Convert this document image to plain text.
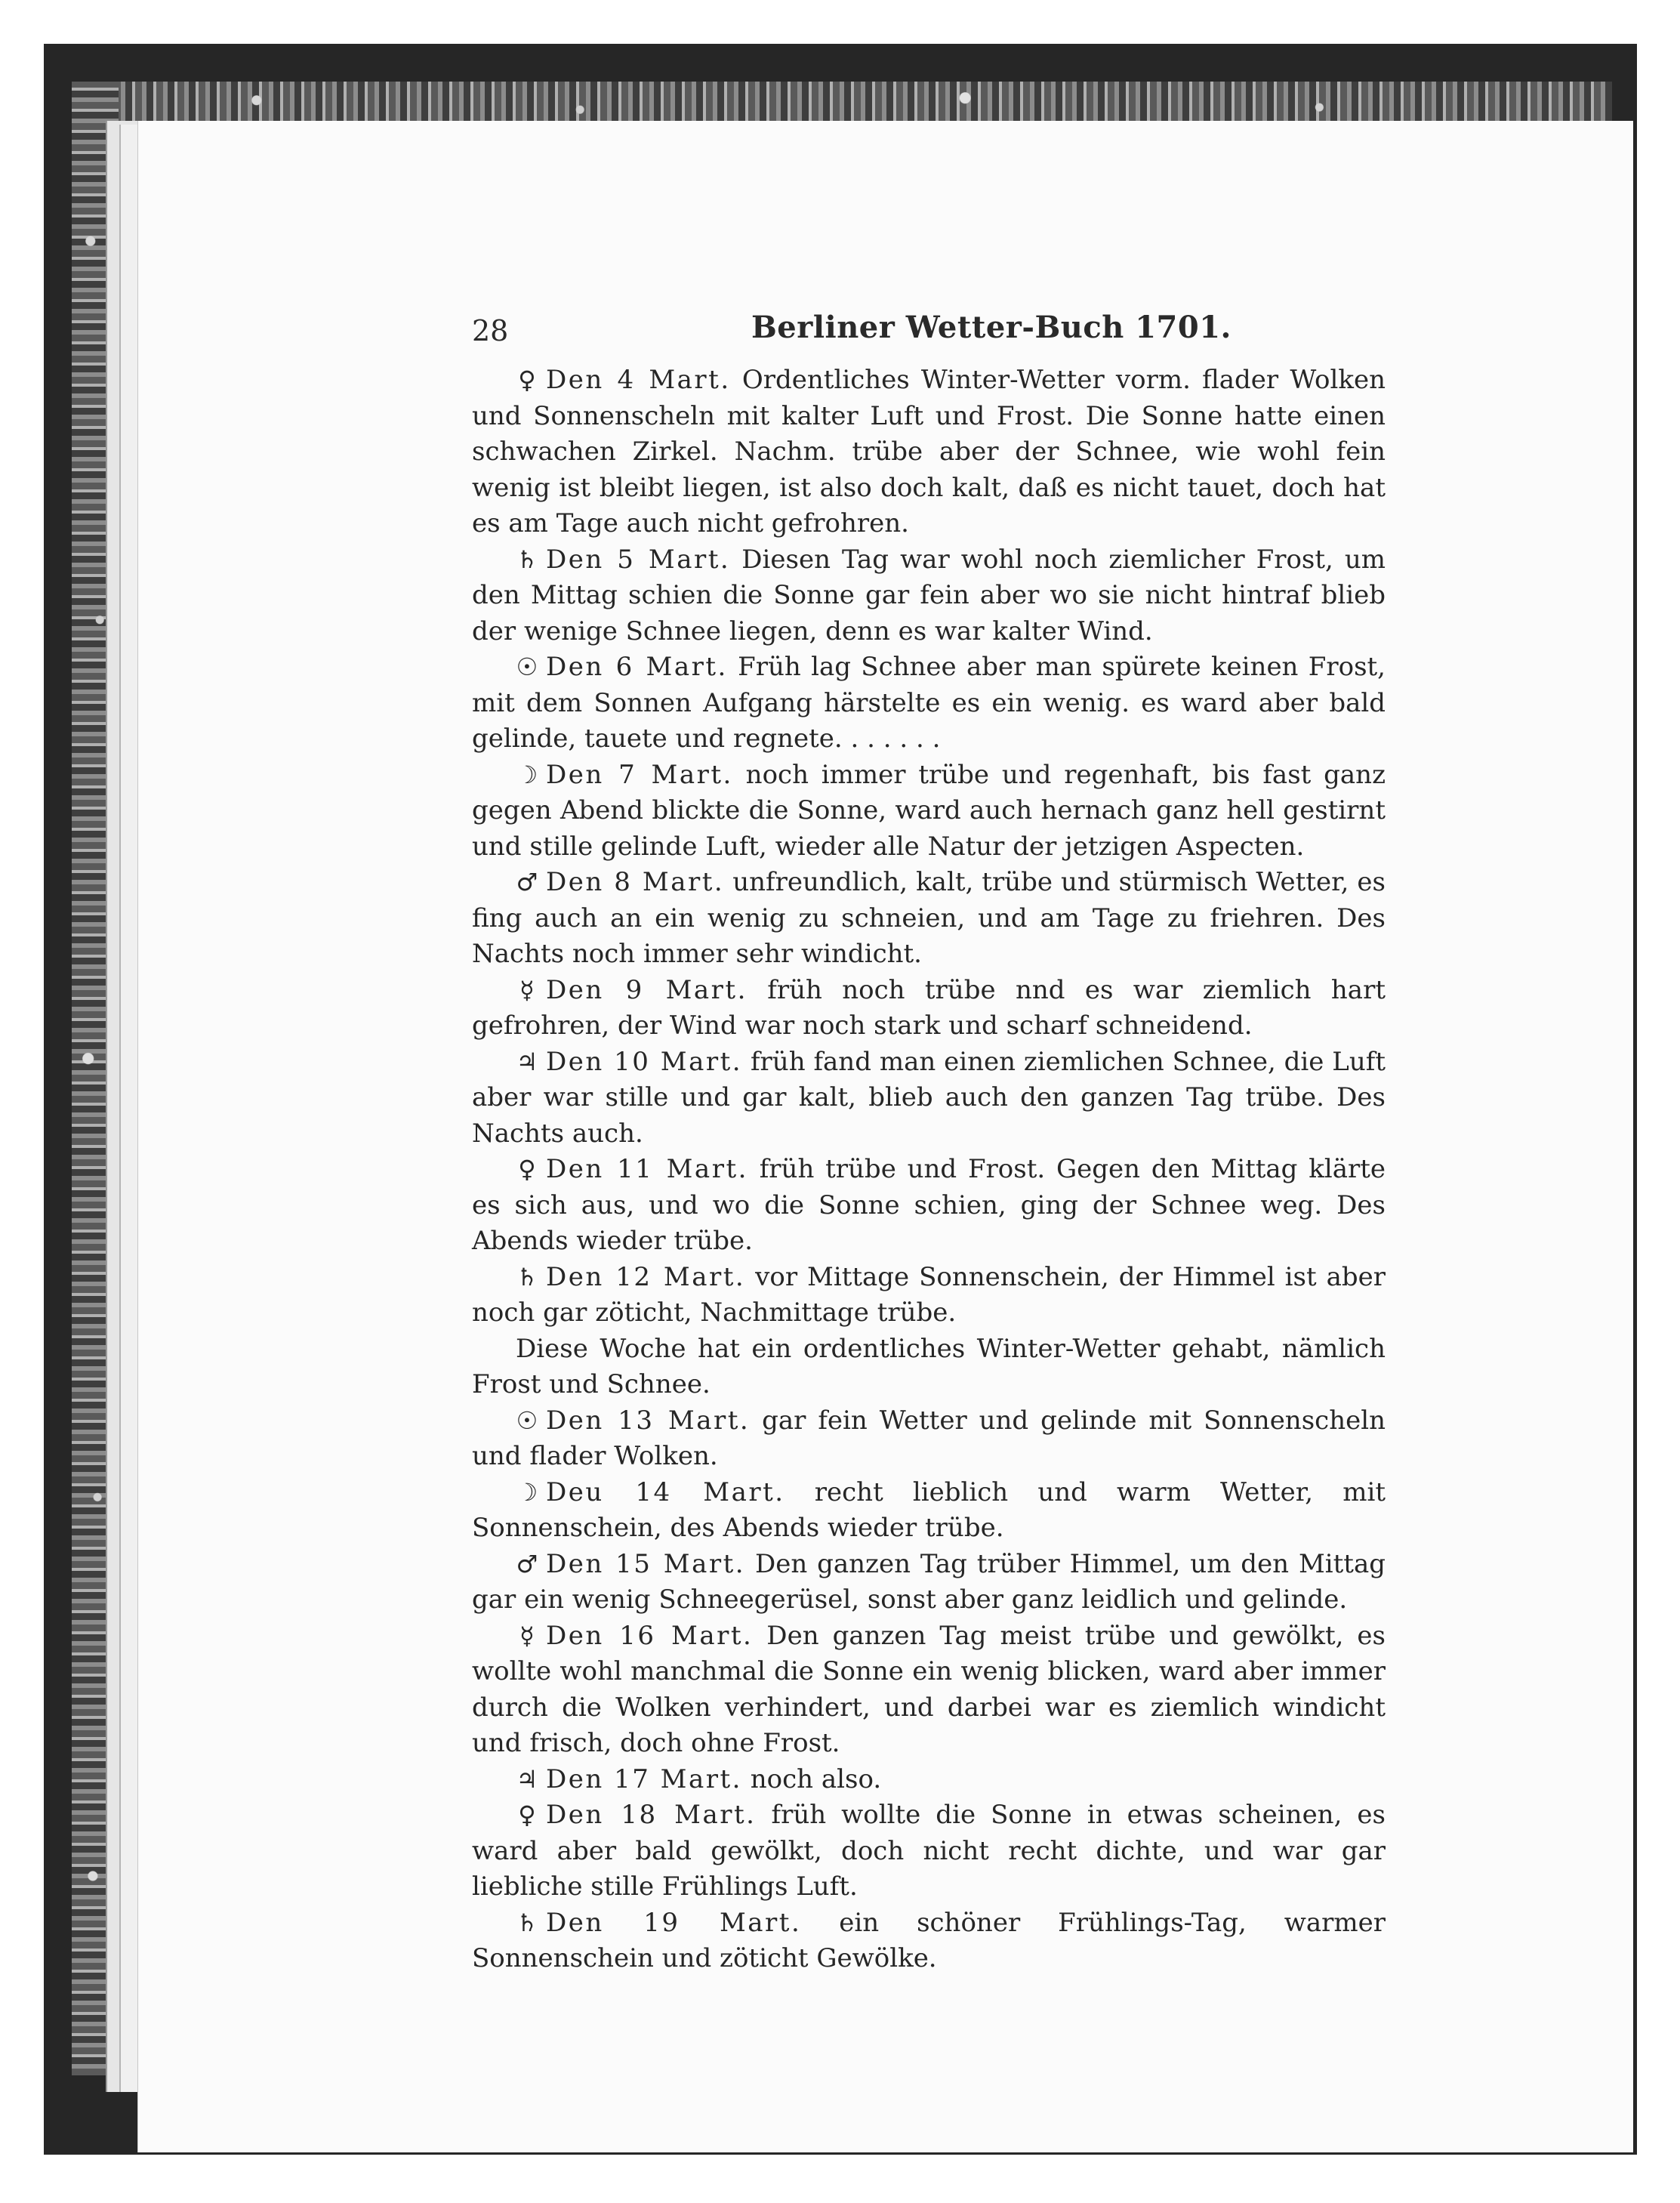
28	Berliner Wetter-Buch 1701.

♀ Den 4 Mart. Ordentliches Winter-Wetter vorm. flader Wolken und Sonnenscheln mit kalter Luft und Frost. Die Sonne hatte einen schwachen Zirkel. Nachm. trübe aber der Schnee, wie wohl fein wenig ist bleibt liegen, ist also doch kalt, daß es nicht tauet, doch hat es am Tage auch nicht gefrohren.

♄ Den 5 Mart. Diesen Tag war wohl noch ziemlicher Frost, um den Mittag schien die Sonne gar fein aber wo sie nicht hintraf blieb der wenige Schnee liegen, denn es war kalter Wind.

☉ Den 6 Mart. Früh lag Schnee aber man spürete keinen Frost, mit dem Sonnen Aufgang härstelte es ein wenig. es ward aber bald gelinde, tauete und regnete. . . . . . .

☽ Den 7 Mart. noch immer trübe und regenhaft, bis fast ganz gegen Abend blickte die Sonne, ward auch hernach ganz hell gestirnt und stille gelinde Luft, wieder alle Natur der jetzigen Aspecten.

♂ Den 8 Mart. unfreundlich, kalt, trübe und stürmisch Wetter, es fing auch an ein wenig zu schneien, und am Tage zu friehren. Des Nachts noch immer sehr windicht.

☿ Den 9 Mart. früh noch trübe nnd es war ziemlich hart gefrohren, der Wind war noch stark und scharf schneidend.

♃ Den 10 Mart. früh fand man einen ziemlichen Schnee, die Luft aber war stille und gar kalt, blieb auch den ganzen Tag trübe. Des Nachts auch.

♀ Den 11 Mart. früh trübe und Frost. Gegen den Mittag klärte es sich aus, und wo die Sonne schien, ging der Schnee weg. Des Abends wieder trübe.

♄ Den 12 Mart. vor Mittage Sonnenschein, der Himmel ist aber noch gar zöticht, Nachmittage trübe.

Diese Woche hat ein ordentliches Winter-Wetter gehabt, nämlich Frost und Schnee.

☉ Den 13 Mart. gar fein Wetter und gelinde mit Sonnenscheln und flader Wolken.

☽ Deu 14 Mart. recht lieblich und warm Wetter, mit Sonnenschein, des Abends wieder trübe.

♂ Den 15 Mart. Den ganzen Tag trüber Himmel, um den Mittag gar ein wenig Schneegerüsel, sonst aber ganz leidlich und gelinde.

☿ Den 16 Mart. Den ganzen Tag meist trübe und gewölkt, es wollte wohl manchmal die Sonne ein wenig blicken, ward aber immer durch die Wolken verhindert, und darbei war es ziemlich windicht und frisch, doch ohne Frost.

♃ Den 17 Mart. noch also.

♀ Den 18 Mart. früh wollte die Sonne in etwas scheinen, es ward aber bald gewölkt, doch nicht recht dichte, und war gar liebliche stille Frühlings Luft.

♄ Den 19 Mart. ein schöner Frühlings-Tag, warmer Sonnenschein und zöticht Gewölke.
